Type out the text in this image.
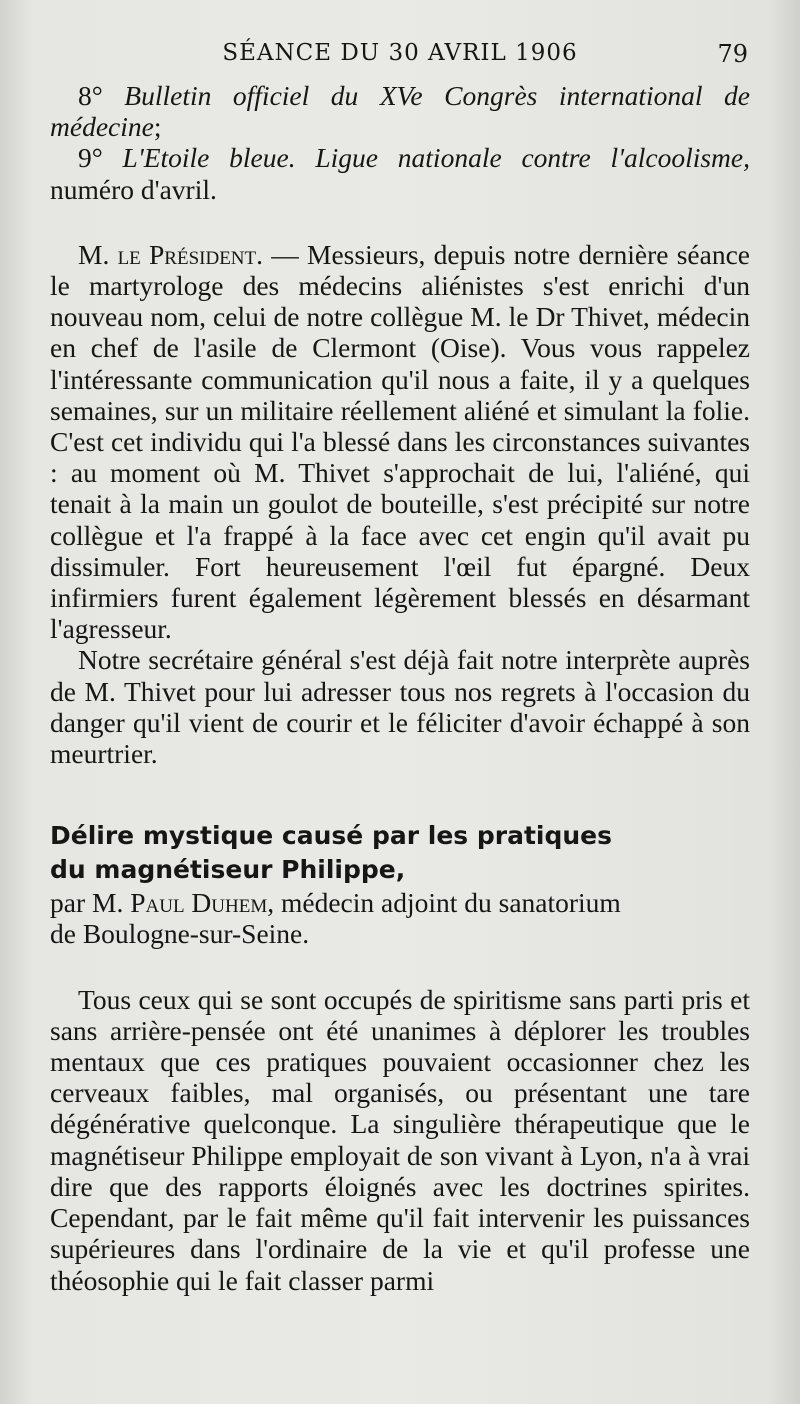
SÉANCE DU 30 AVRIL 1906	79

8° Bulletin officiel du XVe Congrès international de médecine;

9° L'Etoile bleue. Ligue nationale contre l'alcoolisme, numéro d'avril.

M. le Président. — Messieurs, depuis notre dernière séance le martyrologe des médecins aliénistes s'est enrichi d'un nouveau nom, celui de notre collègue M. le Dr Thivet, médecin en chef de l'asile de Clermont (Oise). Vous vous rappelez l'intéressante communication qu'il nous a faite, il y a quelques semaines, sur un militaire réellement aliéné et simulant la folie. C'est cet individu qui l'a blessé dans les circonstances suivantes : au moment où M. Thivet s'approchait de lui, l'aliéné, qui tenait à la main un goulot de bouteille, s'est précipité sur notre collègue et l'a frappé à la face avec cet engin qu'il avait pu dissimuler. Fort heureusement l'œil fut épargné. Deux infirmiers furent également légèrement blessés en désarmant l'agresseur.

Notre secrétaire général s'est déjà fait notre interprète auprès de M. Thivet pour lui adresser tous nos regrets à l'occasion du danger qu'il vient de courir et le féliciter d'avoir échappé à son meurtrier.

Délire mystique causé par les pratiques

du magnétiseur Philippe,

par M. Paul Duhem, médecin adjoint du sanatorium
de Boulogne-sur-Seine.

Tous ceux qui se sont occupés de spiritisme sans parti pris et sans arrière-pensée ont été unanimes à déplorer les troubles mentaux que ces pratiques pouvaient occasionner chez les cerveaux faibles, mal organisés, ou présentant une tare dégénérative quelconque. La singulière thérapeutique que le magnétiseur Philippe employait de son vivant à Lyon, n'a à vrai dire que des rapports éloignés avec les doctrines spirites. Cependant, par le fait même qu'il fait intervenir les puissances supérieures dans l'ordinaire de la vie et qu'il professe une théosophie qui le fait classer parmi
